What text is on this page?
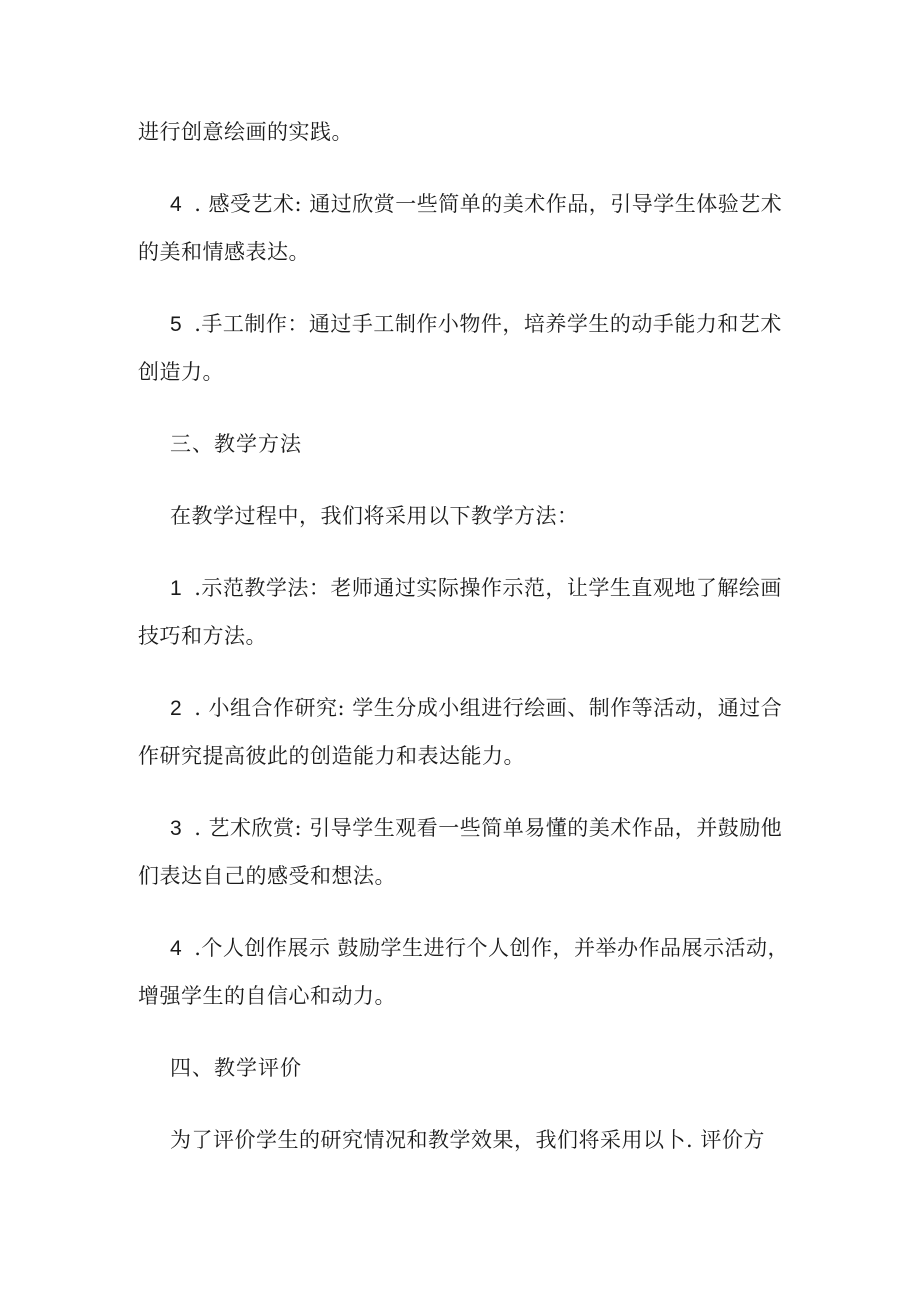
进行创意绘画的实践。
4 . 感受艺术: 通过欣赏一些简单的美术作品，引导学生体验艺术
的美和情感表达。
5 .手工制作：通过手工制作小物件，培养学生的动手能力和艺术
创造力。
三、教学方法
在教学过程中，我们将采用以下教学方法：
1 .示范教学法：老师通过实际操作示范，让学生直观地了解绘画
技巧和方法。
2 . 小组合作研究: 学生分成小组进行绘画、制作等活动，通过合
作研究提高彼此的创造能力和表达能力。
3 . 艺术欣赏: 引导学生观看一些简单易懂的美术作品，并鼓励他
们表达自己的感受和想法。
4 .个人创作展示 鼓励学生进行个人创作，并举办作品展示活动，
增强学生的自信心和动力。
四、教学评价
为了评价学生的研究情况和教学效果，我们将采用以卜. 评价方
